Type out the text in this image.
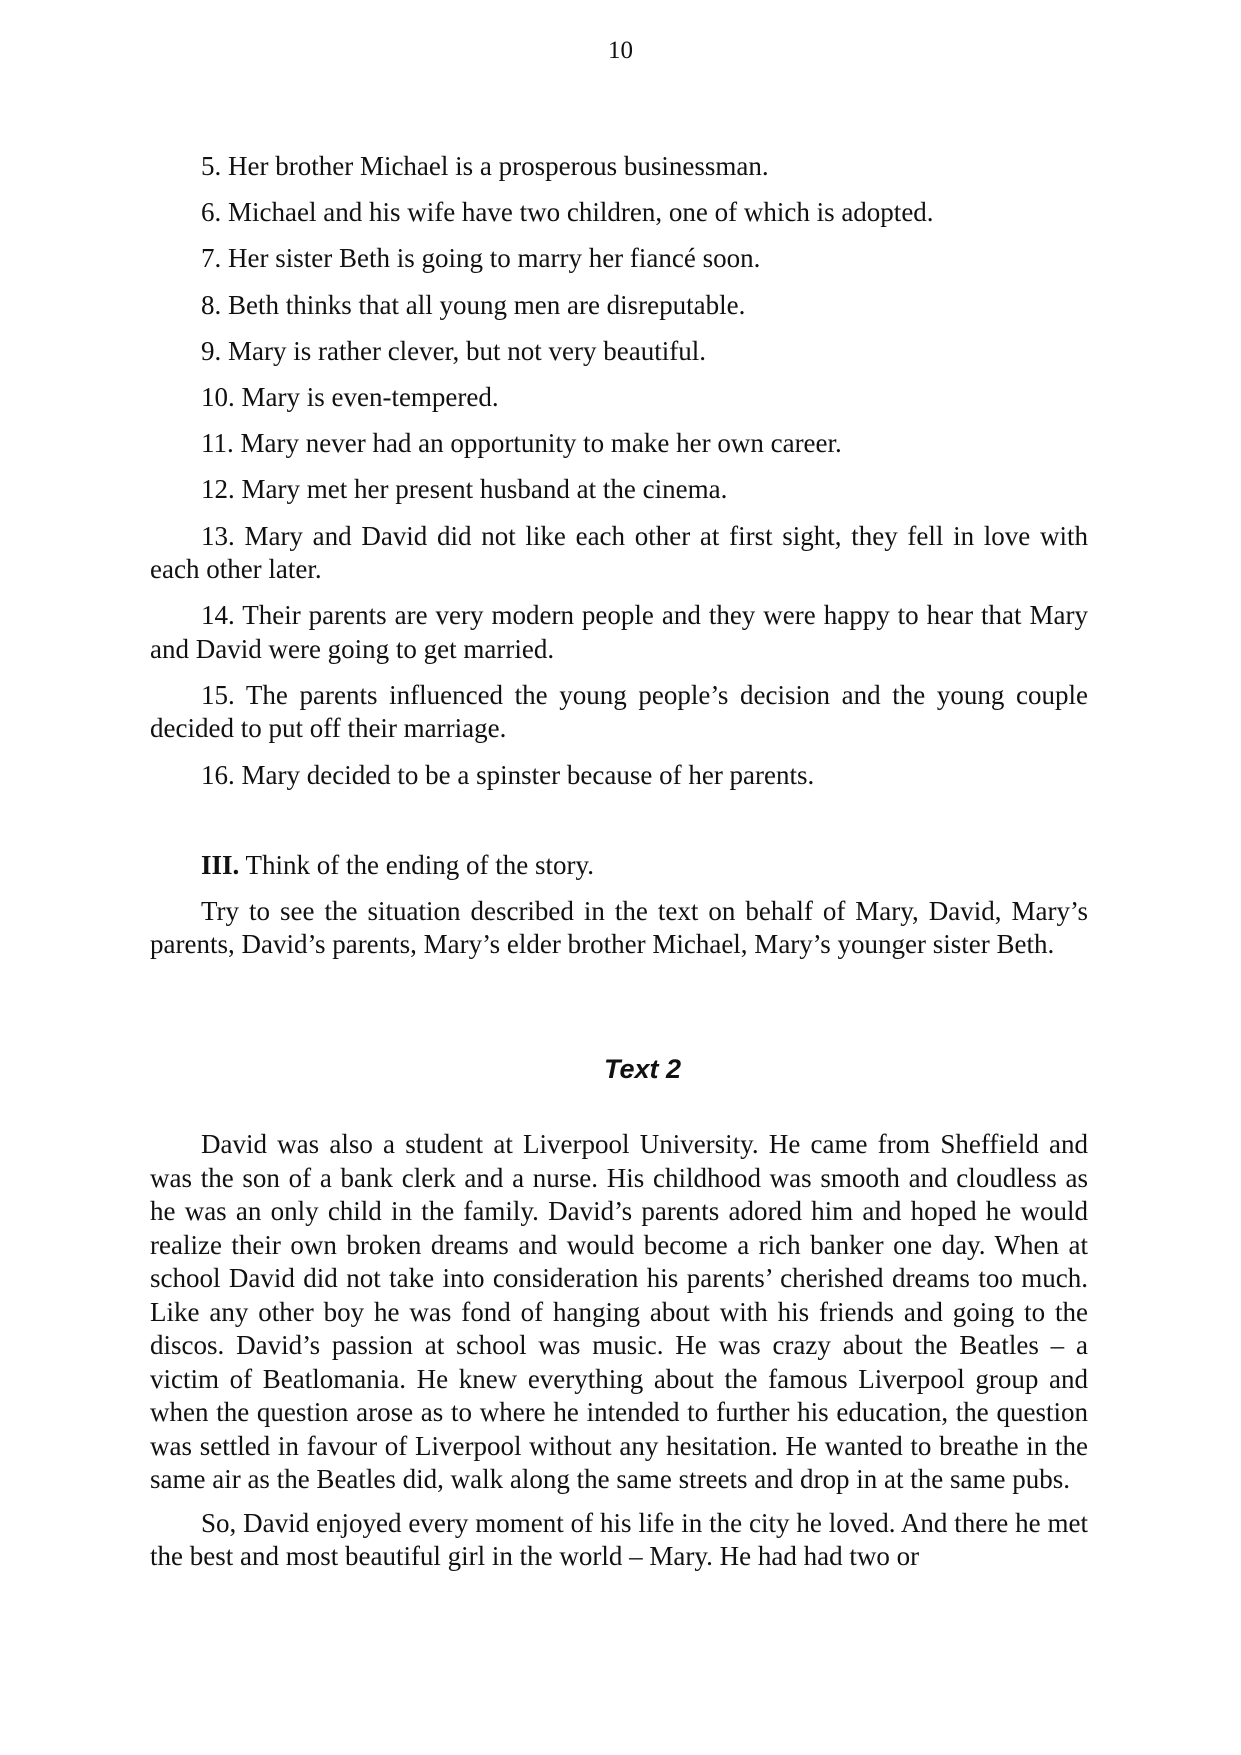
10

5. Her brother Michael is a prosperous businessman.

6. Michael and his wife have two children, one of which is adopted.

7. Her sister Beth is going to marry her fiancé soon.

8. Beth thinks that all young men are disreputable.

9. Mary is rather clever, but not very beautiful.

10. Mary is even-tempered.

11. Mary never had an opportunity to make her own career.

12. Mary met her present husband at the cinema.

13. Mary and David did not like each other at first sight, they fell in love with each other later.

14. Their parents are very modern people and they were happy to hear that Mary and David were going to get married.

15. The parents influenced the young people’s decision and the young couple decided to put off their marriage.

16. Mary decided to be a spinster because of her parents.

III. Think of the ending of the story.

Try to see the situation described in the text on behalf of Mary, David, Mary’s parents, David’s parents, Mary’s elder brother Michael, Mary’s younger sister Beth.

Text 2

David was also a student at Liverpool University. He came from Sheffield and was the son of a bank clerk and a nurse. His childhood was smooth and cloudless as he was an only child in the family. David’s parents adored him and hoped he would realize their own broken dreams and would become a rich banker one day. When at school David did not take into consideration his parents’ cherished dreams too much. Like any other boy he was fond of hanging about with his friends and going to the discos. David’s passion at school was music. He was crazy about the Beatles – a victim of Beatlomania. He knew everything about the famous Liverpool group and when the question arose as to where he intended to further his education, the question was settled in favour of Liverpool without any hesitation. He wanted to breathe in the same air as the Beatles did, walk along the same streets and drop in at the same pubs.

So, David enjoyed every moment of his life in the city he loved. And there he met the best and most beautiful girl in the world – Mary. He had had two or
